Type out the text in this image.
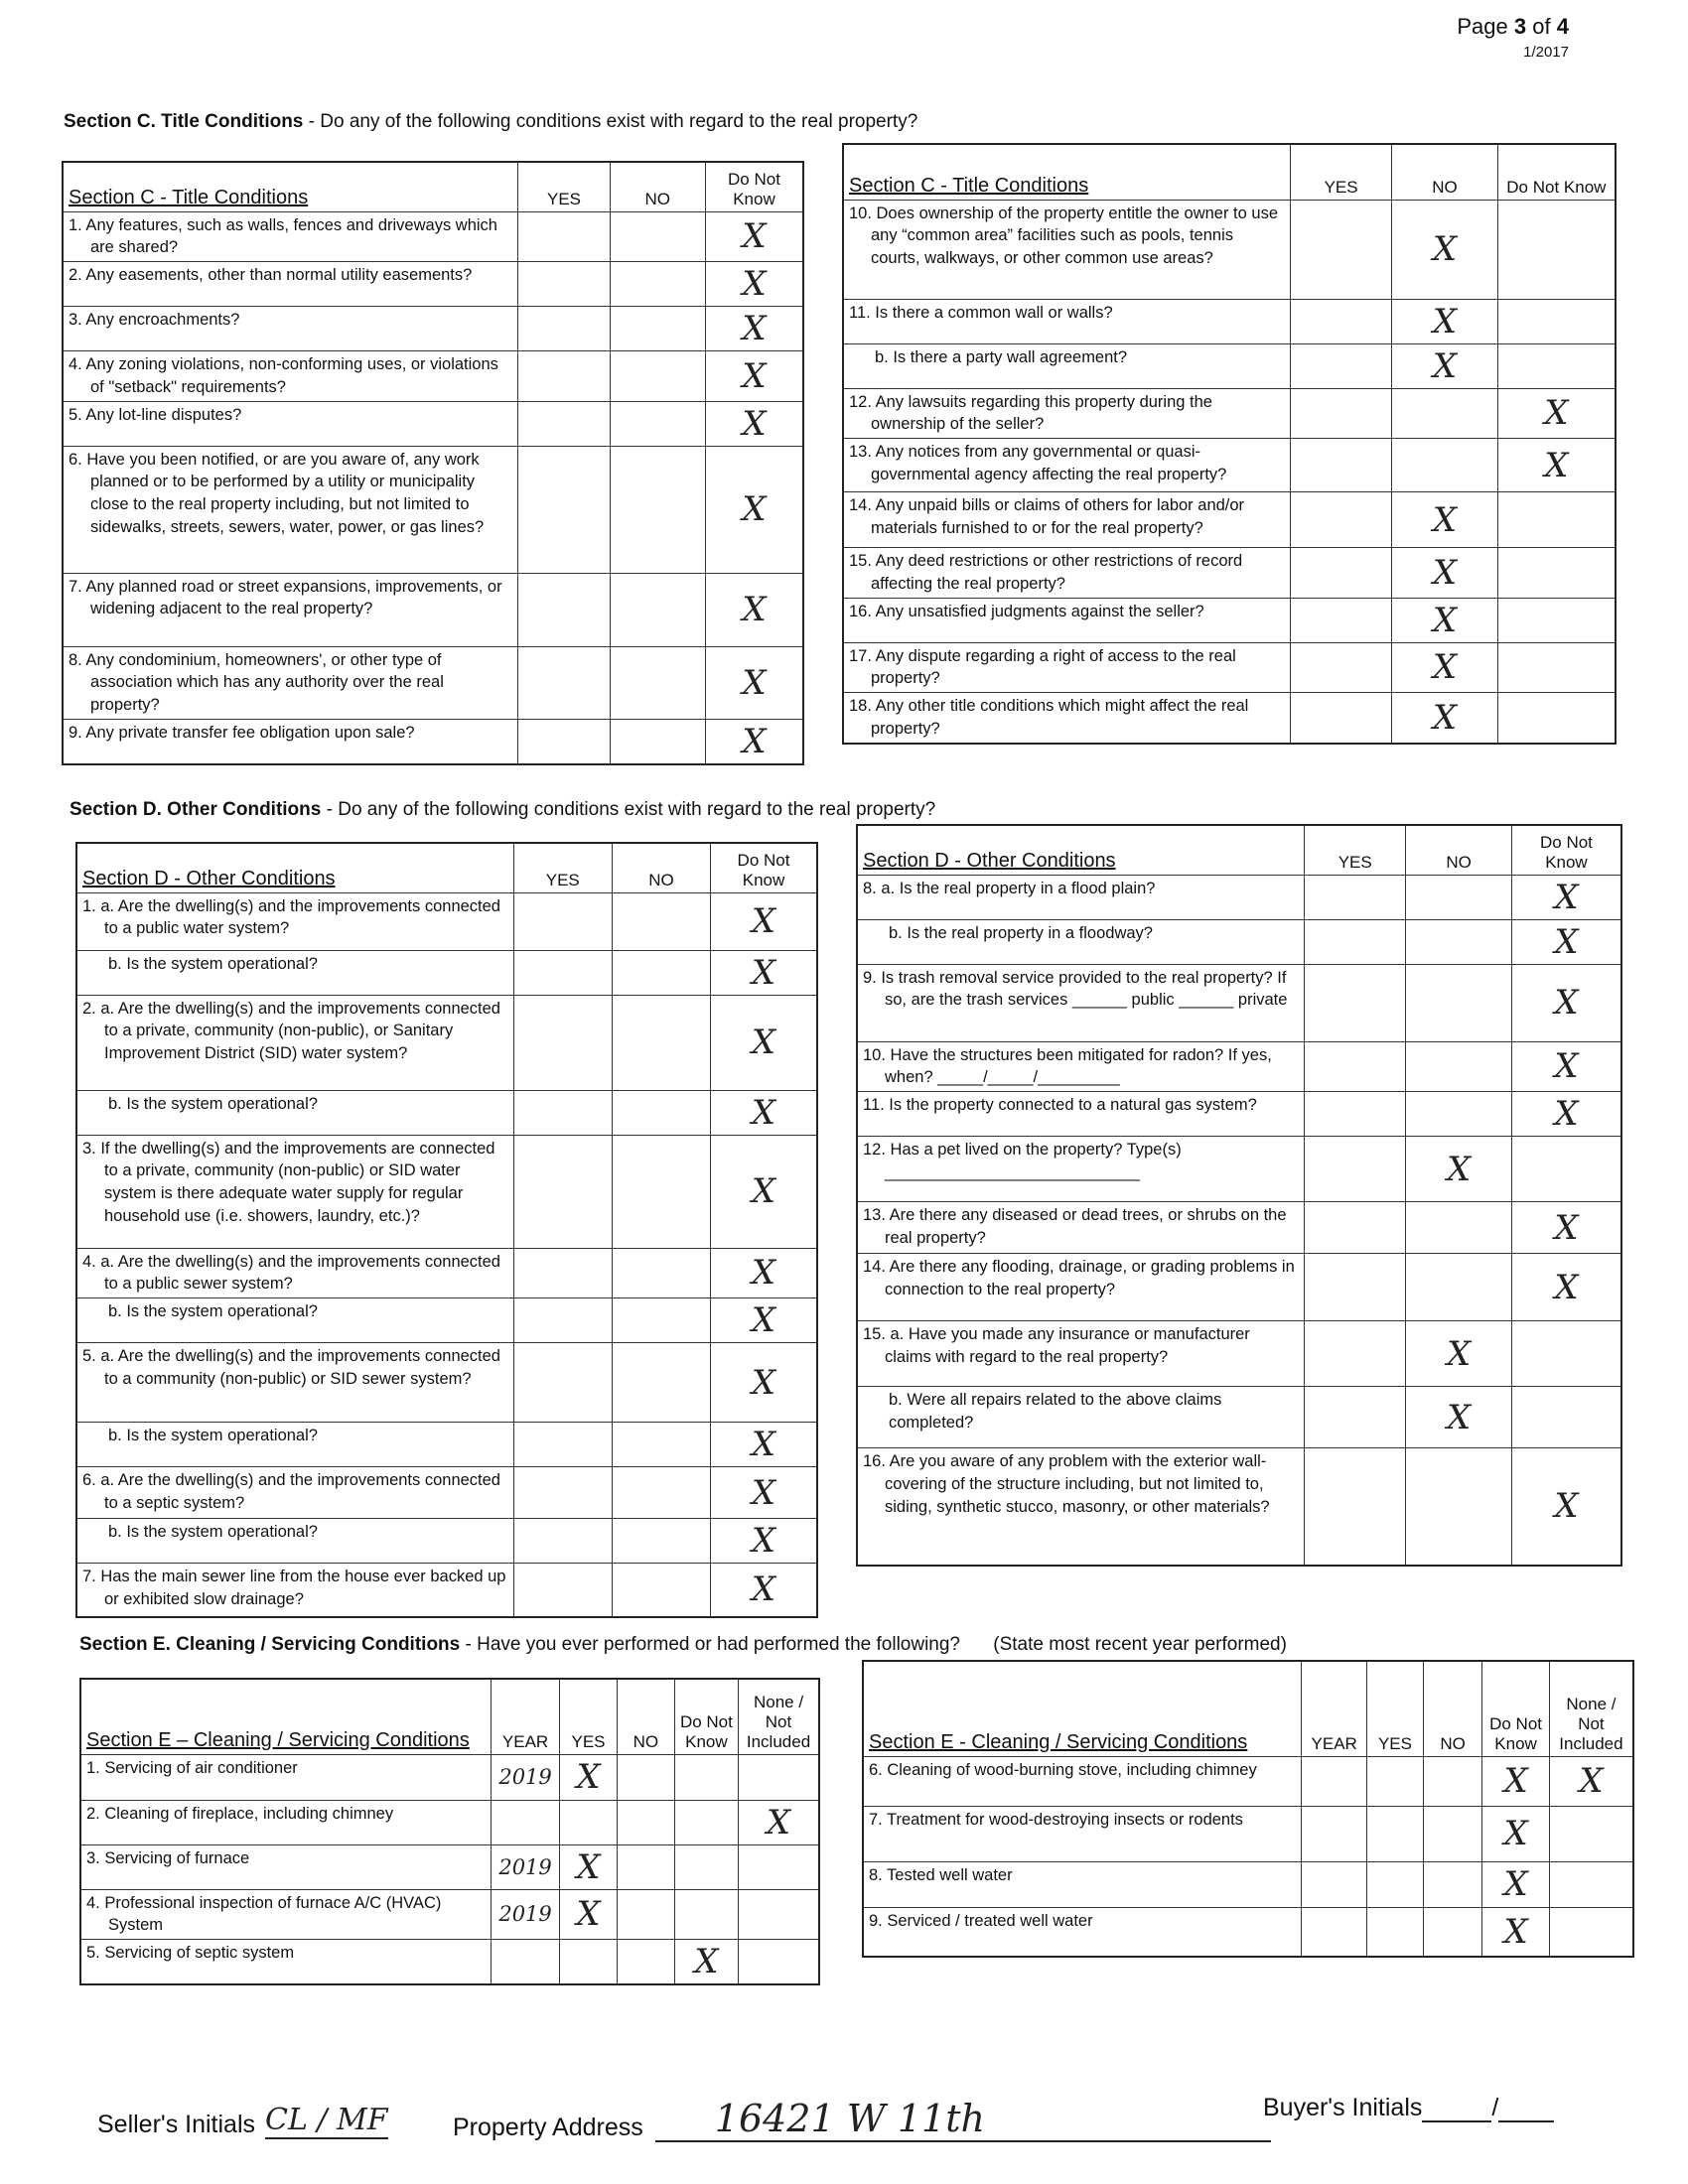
Page 3 of 4
1/2017
Section C. Title Conditions - Do any of the following conditions exist with regard to the real property?
Section C - Title Conditions	YES	NO	Do Not Know

1. Any features, such as walls, fences and driveways which are shared?			X

2. Any easements, other than normal utility easements?			X

3. Any encroachments?			X

4. Any zoning violations, non-conforming uses, or violations of "setback" requirements?			X

5. Any lot-line disputes?			X

6. Have you been notified, or are you aware of, any work planned or to be performed by a utility or municipality close to the real property including, but not limited to sidewalks, streets, sewers, water, power, or gas lines?			X

7. Any planned road or street expansions, improvements, or widening adjacent to the real property?			X

8. Any condominium, homeowners', or other type of association which has any authority over the real property?			X

9. Any private transfer fee obligation upon sale?			X
Section C - Title Conditions	YES	NO	Do Not Know

10. Does ownership of the property entitle the owner to use any “common area” facilities such as pools, tennis courts, walkways, or other common use areas?		X	

11. Is there a common wall or walls?		X	

b. Is there a party wall agreement?		X	

12. Any lawsuits regarding this property during the ownership of the seller?			X

13. Any notices from any governmental or quasi-governmental agency affecting the real property?			X

14. Any unpaid bills or claims of others for labor and/or materials furnished to or for the real property?		X	

15. Any deed restrictions or other restrictions of record affecting the real property?		X	

16. Any unsatisfied judgments against the seller?		X	

17. Any dispute regarding a right of access to the real property?		X	

18. Any other title conditions which might affect the real property?		X	
Section D. Other Conditions - Do any of the following conditions exist with regard to the real property?
Section D - Other Conditions	YES	NO	Do Not Know

1. a. Are the dwelling(s) and the improvements connected to a public water system?			X

b. Is the system operational?			X

2. a. Are the dwelling(s) and the improvements connected to a private, community (non-public), or Sanitary Improvement District (SID) water system?			X

b. Is the system operational?			X

3. If the dwelling(s) and the improvements are connected to a private, community (non-public) or SID water system is there adequate water supply for regular household use (i.e. showers, laundry, etc.)?			X

4. a. Are the dwelling(s) and the improvements connected to a public sewer system?			X

b. Is the system operational?			X

5. a. Are the dwelling(s) and the improvements connected to a community (non-public) or SID sewer system?			X

b. Is the system operational?			X

6. a. Are the dwelling(s) and the improvements connected to a septic system?			X

b. Is the system operational?			X

7. Has the main sewer line from the house ever backed up or exhibited slow drainage?			X
Section D - Other Conditions	YES	NO	Do Not Know

8. a. Is the real property in a flood plain?			X

b. Is the real property in a floodway?			X

9. Is trash removal service provided to the real property? If so, are the trash services ______ public ______ private			X

10. Have the structures been mitigated for radon? If yes, when? _____/_____/_________			X

11. Is the property connected to a natural gas system?			X

12. Has a pet lived on the property? Type(s) ____________________________		X	

13. Are there any diseased or dead trees, or shrubs on the real property?			X

14. Are there any flooding, drainage, or grading problems in connection to the real property?			X

15. a. Have you made any insurance or manufacturer claims with regard to the real property?		X	

b. Were all repairs related to the above claims completed?		X	

16. Are you aware of any problem with the exterior wall-covering of the structure including, but not limited to, siding, synthetic stucco, masonry, or other materials?			X
Section E. Cleaning / Servicing Conditions - Have you ever performed or had performed the following? (State most recent year performed)
Section E – Cleaning / Servicing Conditions	YEAR	YES	NO	Do Not Know	None / Not Included

1. Servicing of air conditioner	2019	X			

2. Cleaning of fireplace, including chimney					X

3. Servicing of furnace	2019	X			

4. Professional inspection of furnace A/C (HVAC) System	2019	X			

5. Servicing of septic system				X	
Section E - Cleaning / Servicing Conditions	YEAR	YES	NO	Do Not Know	None / Not Included

6. Cleaning of wood-burning stove, including chimney				X	X

7. Treatment for wood-destroying insects or rodents				X	

8. Tested well water				X	

9. Serviced / treated well water				X	
Seller's Initials CL / MF	Property Address	16421 W 11th	Buyer's Initials	/
